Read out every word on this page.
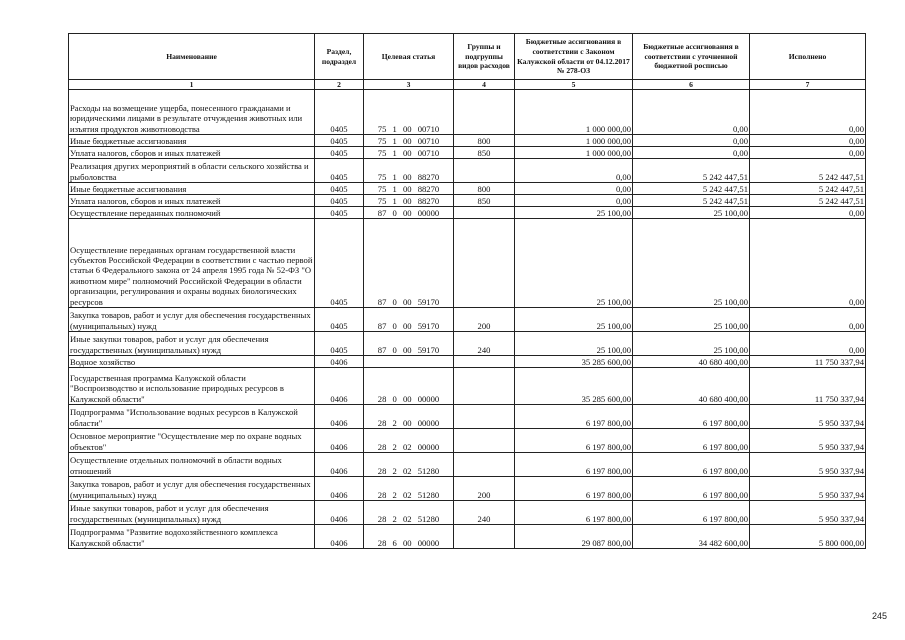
Наименование	Раздел, подраздел	Целевая статья	Группы и подгруппы видов расходов	Бюджетные ассигнования в соответствии с Законом Калужской области от 04.12.2017 № 278-ОЗ	Бюджетные ассигнования в соответствии с уточненной бюджетной росписью	Исполнено
1	2	3	4	5	6	7
Расходы на возмещение ущерба, понесенного гражданами и юридическими лицами в результате отчуждения животных или изъятия продуктов животноводства	0405	75 1 00 00710		1 000 000,00	0,00	0,00
Иные бюджетные ассигнования	0405	75 1 00 00710	800	1 000 000,00	0,00	0,00
Уплата налогов, сборов и иных платежей	0405	75 1 00 00710	850	1 000 000,00	0,00	0,00
Реализация других мероприятий в области сельского хозяйства и рыболовства	0405	75 1 00 88270		0,00	5 242 447,51	5 242 447,51
Иные бюджетные ассигнования	0405	75 1 00 88270	800	0,00	5 242 447,51	5 242 447,51
Уплата налогов, сборов и иных платежей	0405	75 1 00 88270	850	0,00	5 242 447,51	5 242 447,51
Осуществление переданных полномочий	0405	87 0 00 00000		25 100,00	25 100,00	0,00
Осуществление переданных органам государственной власти субъектов Российской Федерации в соответствии с частью первой статьи 6 Федерального закона от 24 апреля 1995 года № 52-ФЗ "О животном мире" полномочий Российской Федерации в области организации, регулирования и охраны водных биологических ресурсов	0405	87 0 00 59170		25 100,00	25 100,00	0,00
Закупка товаров, работ и услуг для обеспечения государственных (муниципальных) нужд	0405	87 0 00 59170	200	25 100,00	25 100,00	0,00
Иные закупки товаров, работ и услуг для обеспечения государственных (муниципальных) нужд	0405	87 0 00 59170	240	25 100,00	25 100,00	0,00
Водное хозяйство	0406			35 285 600,00	40 680 400,00	11 750 337,94
Государственная программа Калужской области "Воспроизводство и использование природных ресурсов в Калужской области"	0406	28 0 00 00000		35 285 600,00	40 680 400,00	11 750 337,94
Подпрограмма "Использование водных ресурсов в Калужской области"	0406	28 2 00 00000		6 197 800,00	6 197 800,00	5 950 337,94
Основное мероприятие "Осуществление мер по охране водных объектов"	0406	28 2 02 00000		6 197 800,00	6 197 800,00	5 950 337,94
Осуществление отдельных полномочий в области водных отношений	0406	28 2 02 51280		6 197 800,00	6 197 800,00	5 950 337,94
Закупка товаров, работ и услуг для обеспечения государственных (муниципальных) нужд	0406	28 2 02 51280	200	6 197 800,00	6 197 800,00	5 950 337,94
Иные закупки товаров, работ и услуг для обеспечения государственных (муниципальных) нужд	0406	28 2 02 51280	240	6 197 800,00	6 197 800,00	5 950 337,94
Подпрограмма "Развитие водохозяйственного комплекса Калужской области"	0406	28 6 00 00000		29 087 800,00	34 482 600,00	5 800 000,00
245
